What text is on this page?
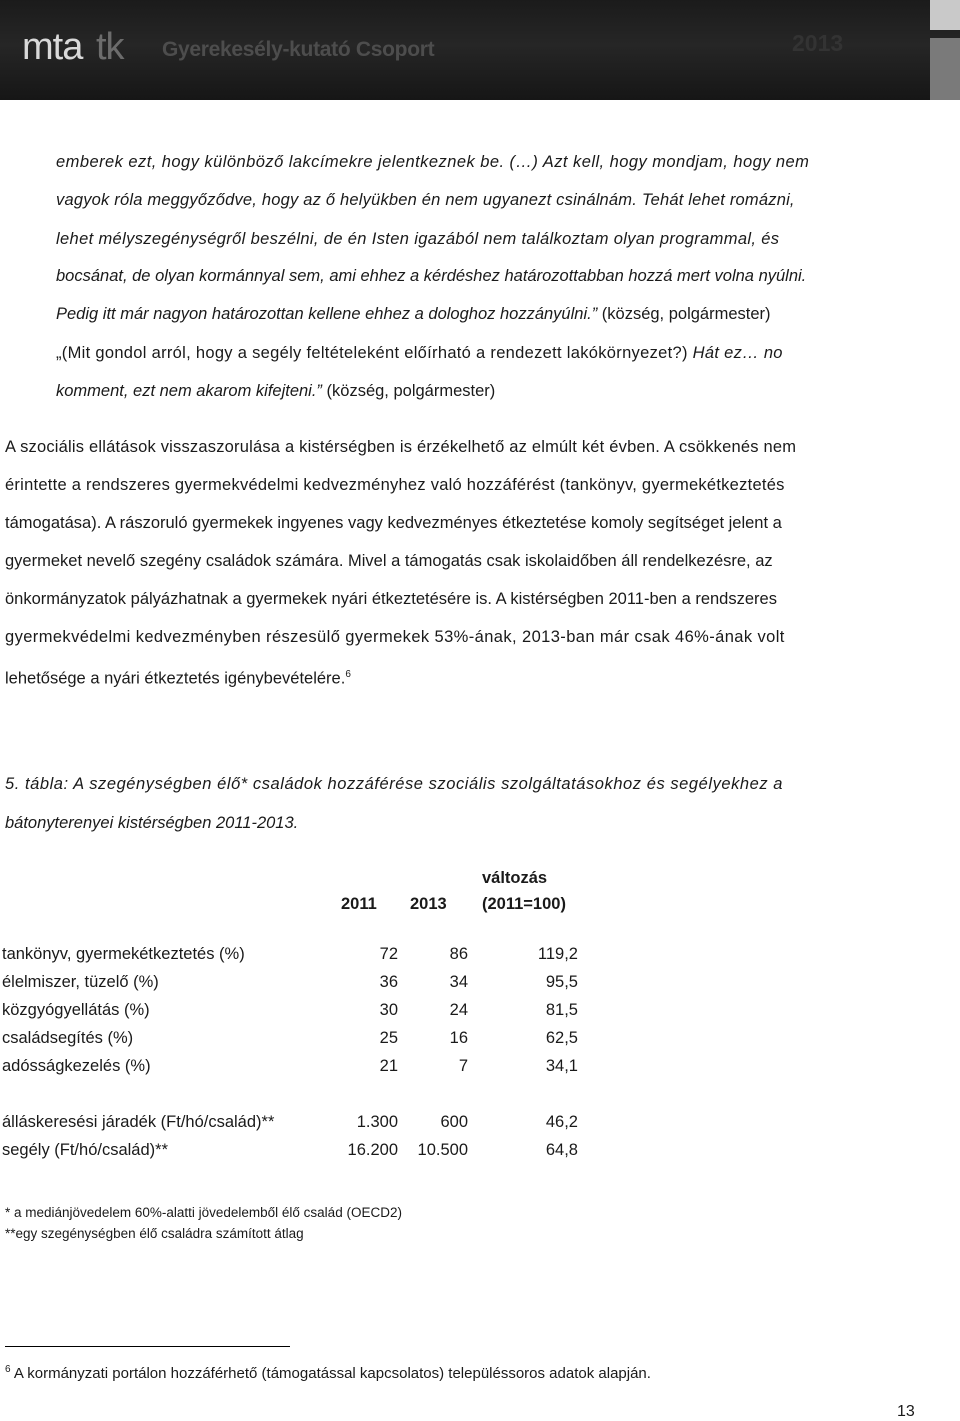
mta tk Gyerekesély-kutató Csoport	2013
emberek ezt, hogy különböző lakcímekre jelentkeznek be. (…) Azt kell, hogy mondjam, hogy nem
vagyok róla meggyőződve, hogy az ő helyükben én nem ugyanezt csinálnám. Tehát lehet romázni,
lehet mélyszegénységről beszélni, de én Isten igazából nem találkoztam olyan programmal, és
bocsánat, de olyan kormánnyal sem, ami ehhez a kérdéshez határozottabban hozzá mert volna nyúlni.
Pedig itt már nagyon határozottan kellene ehhez a dologhoz hozzányúlni.” (község, polgármester)
„(Mit gondol arról, hogy a segély feltételeként előírható a rendezett lakókörnyezet?) Hát ez… no
komment, ezt nem akarom kifejteni.” (község, polgármester)
A szociális ellátások visszaszorulása a kistérségben is érzékelhető az elmúlt két évben. A csökkenés nem
érintette a rendszeres gyermekvédelmi kedvezményhez való hozzáférést (tankönyv, gyermekétkeztetés
támogatása). A rászoruló gyermekek ingyenes vagy kedvezményes étkeztetése komoly segítséget jelent a
gyermeket nevelő szegény családok számára. Mivel a támogatás csak iskolaidőben áll rendelkezésre, az
önkormányzatok pályázhatnak a gyermekek nyári étkeztetésére is. A kistérségben 2011-ben a rendszeres
gyermekvédelmi kedvezményben részesülő gyermekek 53%-ának, 2013-ban már csak 46%-ának volt
lehetősége a nyári étkeztetés igénybevételére.$^6$
5. tábla: A szegénységben élő* családok hozzáférése szociális szolgáltatásokhoz és segélyekhez a
bátonyterenyei kistérségben 2011-2013.
változás
2011 2013 (2011=100)
tankönyv, gyermekétkeztetés (%)	72	86	119,2
élelmiszer, tüzelő (%)	36	34	95,5
közgyógyellátás (%)	30	24	81,5
családsegítés (%)	25	16	62,5
adósságkezelés (%)	21	7	34,1
álláskeresési járadék (Ft/hó/család)**	1.300	600	46,2
segély (Ft/hó/család)**	16.200 10.500	64,8
* a mediánjövedelem 60%-alatti jövedelemből élő család (OECD2)
**egy szegénységben élő családra számított átlag
$^6$ A kormányzati portálon hozzáférhető (támogatással kapcsolatos) településsoros adatok alapján.
13
